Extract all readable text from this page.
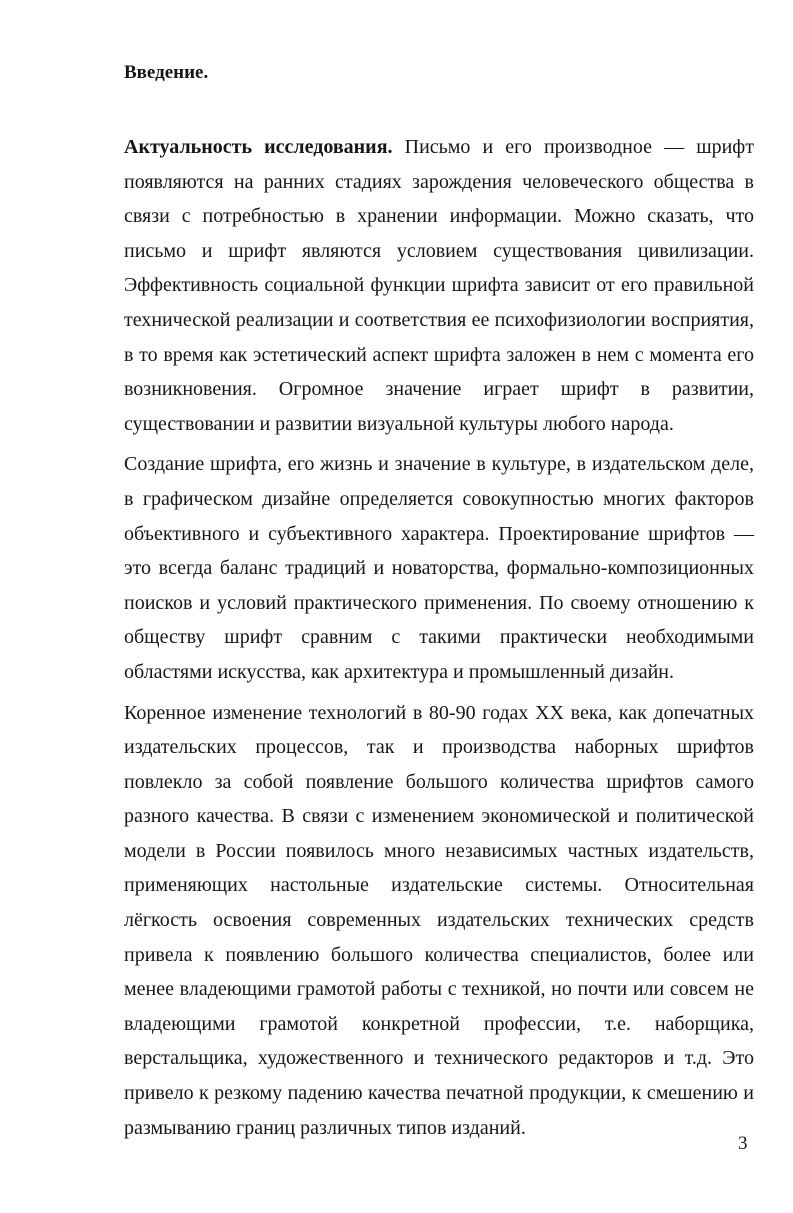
Введение.

Актуальность исследования. Письмо и его производное — шрифт появляются на ранних стадиях зарождения человеческого общества в связи с потребностью в хранении информации. Можно сказать, что письмо и шрифт являются условием существования цивилизации. Эффективность социальной функции шрифта зависит от его правильной технической реализации и соответствия ее психофизиологии восприятия, в то время как эстетический аспект шрифта заложен в нем с момента его возникновения. Огромное значение играет шрифт в развитии, существовании и развитии визуальной культуры любого народа.

Создание шрифта, его жизнь и значение в культуре, в издательском деле, в графическом дизайне определяется совокупностью многих факторов объективного и субъективного характера. Проектирование шрифтов — это всегда баланс традиций и новаторства, формально-композиционных поисков и условий практического применения. По своему отношению к обществу шрифт сравним с такими практически необходимыми областями искусства, как архитектура и промышленный дизайн.

Коренное изменение технологий в 80-90 годах XX века, как допечатных издательских процессов, так и производства наборных шрифтов повлекло за собой появление большого количества шрифтов самого разного качества. В связи с изменением экономической и политической модели в России появилось много независимых частных издательств, применяющих настольные издательские системы. Относительная лёгкость освоения современных издательских технических средств привела к появлению большого количества специалистов, более или менее владеющими грамотой работы с техникой, но почти или совсем не владеющими грамотой конкретной профессии, т.е. наборщика, верстальщика, художественного и технического редакторов и т.д. Это привело к резкому падению качества печатной продукции, к смешению и размыванию границ различных типов изданий.

3
